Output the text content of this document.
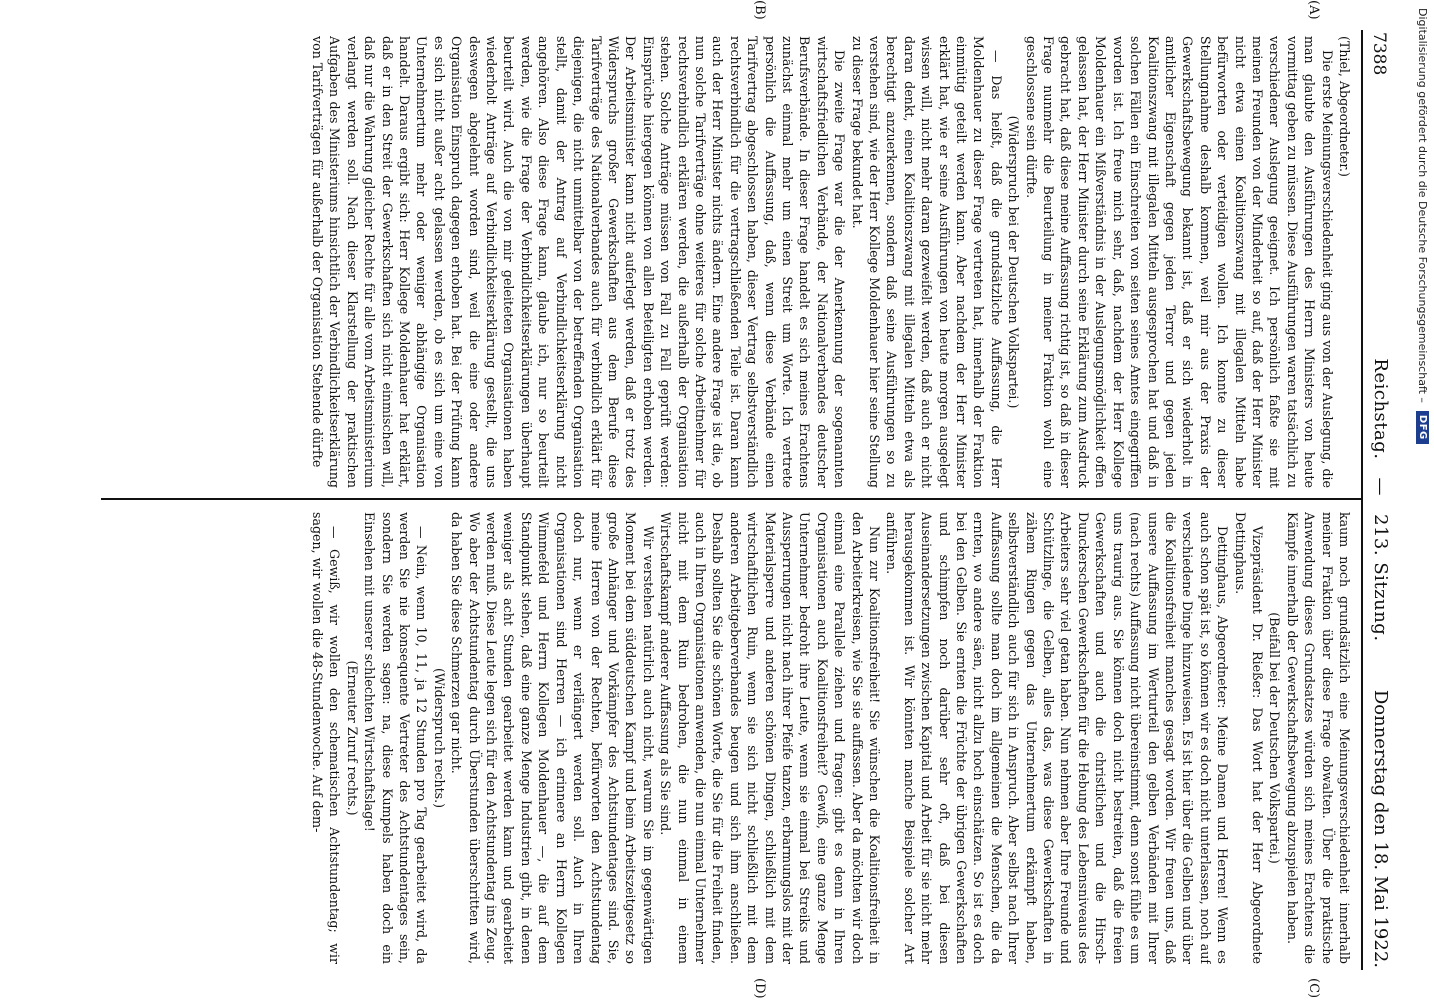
7388
Reichstag.—213. Sitzung.
Donnerstag den 18. Mai 1922.
(A)
(B)
(C)
(D)

(Thiel, Abgeordneter.)

Die erste Meinungsverschiedenheit ging aus von der Auslegung, die man glaubte den Ausführungen des Herrn Ministers von heute vormittag geben zu müssen. Diese Ausführungen waren tatsächlich zu verschiedener Auslegung geeignet. Ich persönlich faßte sie mit meinen Freunden von der Minderheit so auf, daß der Herr Minister nicht etwa einen Koalitionszwang mit illegalen Mitteln habe befürworten oder verteidigen wollen. Ich konnte zu dieser Stellungnahme deshalb kommen, weil mir aus der Praxis der Gewerkschaftsbewegung bekannt ist, daß er sich wiederholt in amtlicher Eigenschaft gegen jeden Terror und gegen jeden Koalitionszwang mit illegalen Mitteln ausgesprochen hat und daß in solchen Fällen ein Einschreiten von seiten seines Amtes eingegriffen worden ist. Ich freue mich sehr, daß, nachdem der Herr Kollege Moldenhauer ein Mißverständnis in der Auslegungsmöglichkeit offen gelassen hat, der Herr Minister durch seine Erklärung zum Ausdruck gebracht hat, daß diese meine Auffassung richtig ist, so daß in dieser Frage nunmehr die Beurteilung in meiner Fraktion wohl eine geschlossene sein dürfte.

(Widerspruch bei der Deutschen Volkspartei.)

— Das heißt, daß die grundsätzliche Auffassung, die Herr Moldenhauer zu dieser Frage vertreten hat, innerhalb der Fraktion einmütig geteilt werden kann. Aber nachdem der Herr Minister erklärt hat, wie er seine Ausführungen von heute morgen ausgelegt wissen will, nicht mehr daran gezweifelt werden, daß auch er nicht daran denkt, einen Koalitionszwang mit illegalen Mitteln etwa als berechtigt anzuerkennen, sondern daß seine Ausführungen so zu verstehen sind, wie der Herr Kollege Moldenhauer hier seine Stellung zu dieser Frage bekundet hat.

Die zweite Frage war die der Anerkennung der sogenannten wirtschaftsfriedlichen Verbände, der Nationalverbandes deutscher Berufsverbände. In dieser Frage handelt es sich meines Erachtens zunächst einmal mehr um einen Streit um Worte. Ich vertrete persönlich die Auffassung, daß, wenn diese Verbände einen Tarifvertrag abgeschlossen haben, dieser Vertrag selbstverständlich rechtsverbindlich für die vertragschließenden Teile ist. Daran kann auch der Herr Minister nichts ändern. Eine andere Frage ist die, ob nun solche Tarifverträge ohne weiteres für solche Arbeitnehmer für rechtsverbindlich erklären werden, die außerhalb der Organisation stehen. Solche Anträge müssen von Fall zu Fall geprüft werden: Einsprüche hiergegen können von allen Beteiligten erhoben werden. Der Arbeitsminister kann nicht auferlegt werden, daß er trotz des Widerspruchs großer Gewerkschaften aus dem Berufe diese Tarifverträge des Nationalverbandes auch für verbindlich erklärt für diejenigen, die nicht unmittelbar von der betreffenden Organisation stellt, damit der Antrag auf Verbindlichkeitserklärung nicht angehören. Also diese Frage kann, glaube ich, nur so beurteilt werden, wie die Frage der Verbindlichkeitserklärungen überhaupt beurteilt wird. Auch die von mir geleiteten Organisationen haben wiederholt Anträge auf Verbindlichkeitserklärung gestellt, die uns deswegen abgelehnt worden sind, weil die eine oder andere Organisation Einspruch dagegen erhoben hat. Bei der Prüfung kann es sich nicht außer acht gelassen werden, ob es sich um eine von Unternehmertum mehr oder weniger abhängige Organisation handelt. Daraus ergibt sich: Herr Kollege Moldenhauer hat erklärt, daß er in den Streit der Gewerkschaften sich nicht einmischen will, daß nur die Wahrung gleicher Rechte für alle vom Arbeitsministerium verlangt werden soll. Nach dieser Klarstellung der praktischen Aufgaben des Ministeriums hinsichtlich der Verbindlichkeitserklärung von Tarifverträgen für außerhalb der Organisation Stehende dürfte

kaum noch grundsätzlich eine Meinungsverschiedenheit innerhalb meiner Fraktion über diese Frage obwalten. Über die praktische Anwendung dieses Grundsatzes würden sich meines Erachtens die Kämpfe innerhalb der Gewerkschaftsbewegung abzuspielen haben.

(Beifall bei der Deutschen Volkspartei.)

Vizepräsident Dr. Rießer: Das Wort hat der Herr Abgeordnete Dettinghaus.

Dettinghaus, Abgeordneter: Meine Damen und Herren! Wenn es auch schon spät ist, so können wir es doch nicht unterlassen, noch auf verschiedene Dinge hinzuweisen. Es ist hier über die Gelben und über die Koalitionsfreiheit manches gesagt worden. Wir freuen uns, daß unsere Auffassung im Werturteil den gelben Verbänden mit Ihrer (nach rechts) Auffassung nicht übereinstimmt, denn sonst fühle es um uns traurig aus. Sie können doch nicht bestreiten, daß die freien Gewerkschaften und auch die christlichen und die Hirsch-Dunckerschen Gewerkschaften für die Hebung des Lebensniveaus des Arbeiters sehr viel getan haben. Nun nehmen aber Ihre Freunde und Schützlinge, die Gelben, alles das, was diese Gewerkschaften in zähem Ringen gegen das Unternehmertum erkämpft haben, selbstverständlich auch für sich in Anspruch. Aber selbst nach Ihrer Auffassung sollte man doch im allgemeinen die Menschen, die da ernten, wo andere säen, nicht allzu hoch einschätzen. So ist es doch bei den Gelben. Sie ernten die Früchte der übrigen Gewerkschaften und schimpfen noch darüber sehr oft, daß bei diesen Auseinandersetzungen zwischen Kapital und Arbeit für sie nicht mehr herausgekommen ist. Wir könnten manche Beispiele solcher Art anführen.

Nun zur Koalitionsfreiheit! Sie wünschen die Koalitionsfreiheit in den Arbeiterkreisen, wie Sie sie auffassen. Aber da möchten wir doch einmal eine Parallele ziehen und fragen: gibt es denn in Ihren Organisationen auch Koalitionsfreiheit? Gewiß, eine ganze Menge Unternehmer bedroht ihre Leute, wenn sie einmal bei Streiks und Aussperrungen nicht nach ihrer Pfeife tanzen, erbarmungslos mit der Materialsperre und anderen schönen Dingen, schließlich mit dem wirtschaftlichen Ruin, wenn sie sich nicht schließlich mit dem anderen Arbeitgeberverbandes beugen und sich ihm anschließen. Deshalb sollten Sie die schönen Worte, die Sie für die Freiheit finden, auch in Ihren Organisationen anwenden, die nun einmal Unternehmer nicht mit dem Ruin bedrohen, die nun einmal in einem Wirtschaftskampf anderer Auffassung als Sie sind.

Wir verstehen natürlich auch nicht, warum Sie im gegenwärtigen Moment bei dem süddeutschen Kampf und beim Arbeitszeitgesetz so große Anhänger und Vorkämpfer des Achtstundentages sind. Sie, meine Herren von der Rechten, befürworten den Achtstundentag doch nur, wenn er verlängert werden soll. Auch in Ihren Organisationen sind Herren — ich erinnere an Herrn Kollegen Wimmefeld und Herrn Kollegen Moldenhauer —, die auf dem Standpunkt stehen, daß eine ganze Menge Industrien gibt, in denen weniger als acht Stunden gearbeitet werden kann und gearbeitet werden muß. Diese Leute legen sich für den Achtstundentag ins Zeug. Wo aber der Achtstundentag durch Überstunden überschritten wird, da haben Sie diese Schmerzen gar nicht.

(Widerspruch rechts.)

— Nein, wenn 10, 11, ja 12 Stunden pro Tag gearbeitet wird, da werden Sie nie konsequente Vertreter des Achtstundentages sein, sondern Sie werden sagen: na, diese Kumpels haben doch ein Einsehen mit unserer schlechten Wirtschaftslage!

(Erneuter Zuruf rechts.)

— Gewiß, wir wollen den schematischen Achtstundentag; wir sagen, wir wollen die 48-Stundenwoche. Auf dem-

Digitalisierung gefördert durch die Deutsche Forschungsgemeinschaft –
DFG
